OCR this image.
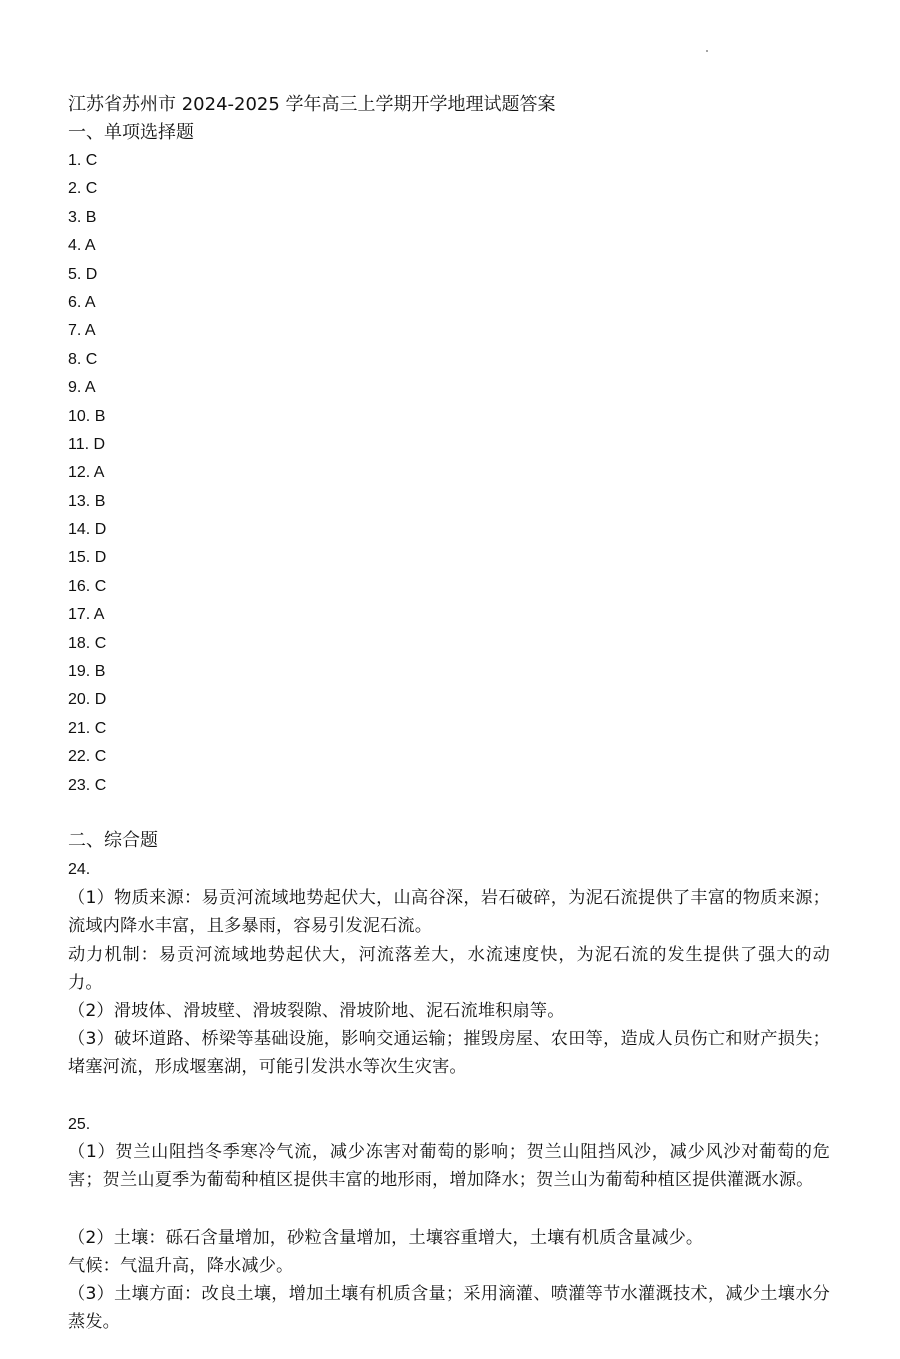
江苏省苏州市 2024-2025 学年高三上学期开学地理试题答案
一、单项选择题
1. C
2. C
3. B
4. A
5. D
6. A
7. A
8. C
9. A
10. B
11. D
12. A
13. B
14. D
15. D
16. C
17. A
18. C
19. B
20. D
21. C
22. C
23. C
二、综合题
24.
（1）物质来源：易贡河流域地势起伏大，山高谷深，岩石破碎，为泥石流提供了丰富的物质来源；流域内降水丰富，且多暴雨，容易引发泥石流。
动力机制：易贡河流域地势起伏大，河流落差大，水流速度快，为泥石流的发生提供了强大的动力。
（2）滑坡体、滑坡壁、滑坡裂隙、滑坡阶地、泥石流堆积扇等。
（3）破坏道路、桥梁等基础设施，影响交通运输；摧毁房屋、农田等，造成人员伤亡和财产损失；堵塞河流，形成堰塞湖，可能引发洪水等次生灾害。
25.
（1）贺兰山阻挡冬季寒冷气流，减少冻害对葡萄的影响；贺兰山阻挡风沙，减少风沙对葡萄的危害；贺兰山夏季为葡萄种植区提供丰富的地形雨，增加降水；贺兰山为葡萄种植区提供灌溉水源。
（2）土壤：砾石含量增加，砂粒含量增加，土壤容重增大，土壤有机质含量减少。
气候：气温升高，降水减少。
（3）土壤方面：改良土壤，增加土壤有机质含量；采用滴灌、喷灌等节水灌溉技术，减少土壤水分蒸发。
